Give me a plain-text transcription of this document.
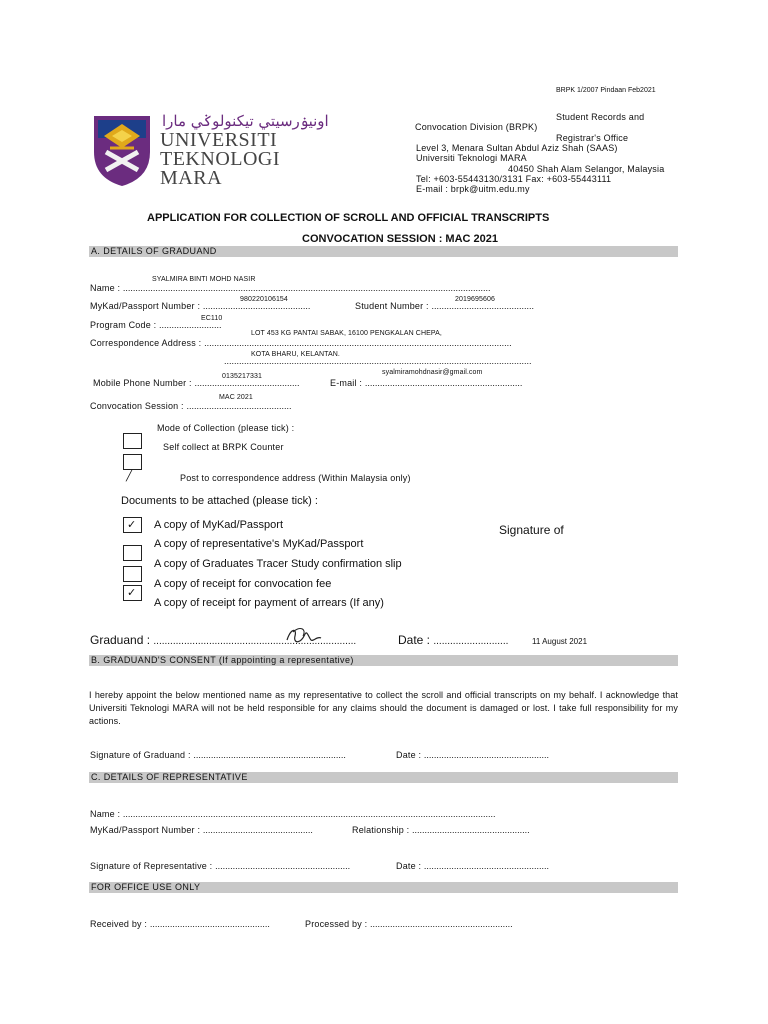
BRPK 1/2007 Pindaan Feb2021
اونيۏرسيتي تيكنولوݢي مارا
UNIVERSITI
TEKNOLOGI
MARA
Student Records and
Convocation Division (BRPK)
Registrar's Office
Level 3, Menara Sultan Abdul Aziz Shah (SAAS)
Universiti Teknologi MARA
40450 Shah Alam Selangor, Malaysia
Tel: +603-55443130/3131 Fax: +603-55443111
E-mail : brpk@uitm.edu.my
APPLICATION FOR COLLECTION OF SCROLL AND OFFICIAL TRANSCRIPTS
CONVOCATION SESSION : MAC 2021
A. DETAILS OF GRADUAND
SYALMIRA BINTI MOHD NASIR
Name : ...................................................................................................................................................
980220106154	2019695606
MyKad/Passport Number : ...........................................	Student Number : .........................................
EC110
Program Code : .........................
LOT 453 KG PANTAI SABAK, 16100 PENGKALAN CHEPA,
Correspondence Address : ...........................................................................................................................
KOTA BHARU, KELANTAN.
...........................................................................................................................
0135217331
syalmiramohdnasir@gmail.com
Mobile Phone Number : ..........................................	E-mail : ...............................................................
MAC 2021
Convocation Session : ..........................................
Mode of Collection (please tick) :
Self collect at BRPK Counter
╱	Post to correspondence address (Within Malaysia only)
Documents to be attached (please tick) :
✓ A copy of MyKad/Passport
A copy of representative's MyKad/Passport
A copy of Graduates Tracer Study confirmation slip
✓
A copy of receipt for convocation fee
A copy of receipt for payment of arrears (If any)
Signature of
Graduand : .........................................................................	Date : ...........................	11 August 2021
B. GRADUAND'S CONSENT (If appointing a representative)
I hereby appoint the below mentioned name as my representative to collect the scroll and official transcripts on my behalf. I acknowledge that Universiti Teknologi MARA will not be held responsible for any claims should the document is damaged or lost. I take full responsibility for my actions.
Signature of Graduand : .............................................................	Date : ..................................................
C. DETAILS OF REPRESENTATIVE
Name : .....................................................................................................................................................
MyKad/Passport Number : ............................................	Relationship : ...............................................
Signature of Representative : ......................................................	Date : ..................................................
FOR OFFICE USE ONLY
Received by : ................................................	Processed by : .........................................................
